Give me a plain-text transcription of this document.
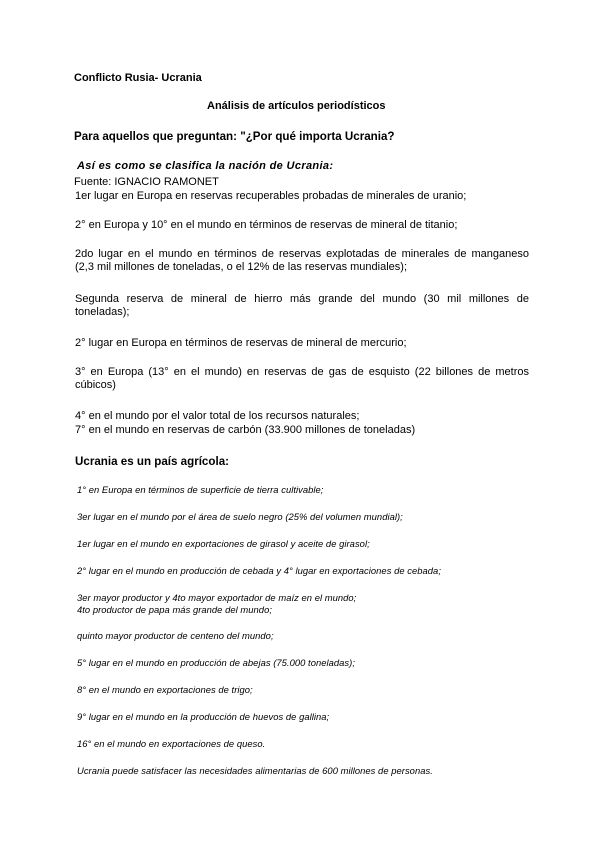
Conflicto Rusia- Ucrania

Análisis de artículos periodísticos

Para aquellos que preguntan: "¿Por qué importa Ucrania?

Así es como se clasifica la nación de Ucrania:

Fuente: IGNACIO RAMONET

1er lugar en Europa en reservas recuperables probadas de minerales de uranio;

2° en Europa y 10° en el mundo en términos de reservas de mineral de titanio;

2do lugar en el mundo en términos de reservas explotadas de minerales de manganeso
(2,3 mil millones de toneladas, o el 12% de las reservas mundiales);
Segunda reserva de mineral de hierro más grande del mundo (30 mil millones de
toneladas);

2° lugar en Europa en términos de reservas de mineral de mercurio;

3° en Europa (13° en el mundo) en reservas de gas de esquisto (22 billones de metros
cúbicos)

4° en el mundo por el valor total de los recursos naturales;

7° en el mundo en reservas de carbón (33.900 millones de toneladas)

Ucrania es un país agrícola:

1° en Europa en términos de superficie de tierra cultivable;

3er lugar en el mundo por el área de suelo negro (25% del volumen mundial);

1er lugar en el mundo en exportaciones de girasol y aceite de girasol;

2° lugar en el mundo en producción de cebada y 4° lugar en exportaciones de cebada;

3er mayor productor y 4to mayor exportador de maíz en el mundo;

4to productor de papa más grande del mundo;

quinto mayor productor de centeno del mundo;

5° lugar en el mundo en producción de abejas (75.000 toneladas);

8° en el mundo en exportaciones de trigo;

9° lugar en el mundo en la producción de huevos de gallina;

16° en el mundo en exportaciones de queso.

Ucrania puede satisfacer las necesidades alimentarias de 600 millones de personas.
